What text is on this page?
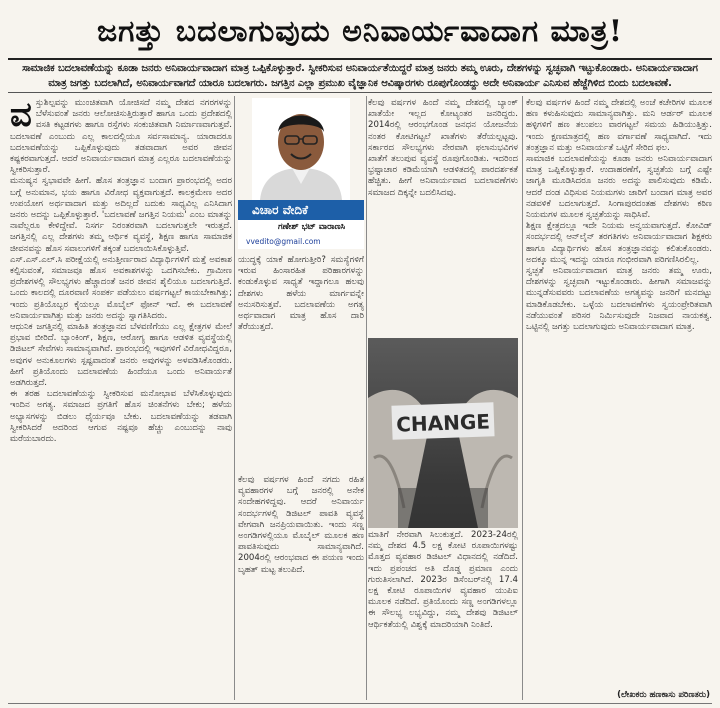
ಜಗತ್ತು ಬದಲಾಗುವುದು ಅನಿವಾರ್ಯವಾದಾಗ ಮಾತ್ರ!
ಸಾಮಾಜಿಕ ಬದಲಾವಣೆಯನ್ನು ಕೂಡಾ ಜನರು ಅನಿವಾರ್ಯವಾದಾಗ ಮಾತ್ರ ಒಪ್ಪಿಕೊಳ್ಳುತ್ತಾರೆ. ಸ್ವೀಕರಿಸುವ ಅನಿವಾರ್ಯತೆಯಿದ್ದರೆ ಮಾತ್ರ ಜನರು ತಮ್ಮ ಊರು, ದೇಶಗಳನ್ನು ಸ್ವಚ್ಛವಾಗಿ ಇಟ್ಟುಕೊಂಡಾರು. ಅನಿವಾರ್ಯವಾದಾಗ ಮಾತ್ರ ಜಗತ್ತು ಬದಲಾಗಿದೆ, ಅನಿವಾರ್ಯವಾಗದೆ ಯಾರೂ ಬದಲಾಗರು. ಜಗತ್ತಿನ ಎಲ್ಲಾ ಪ್ರಮುಖ ವೈಜ್ಞಾನಿಕ ಆವಿಷ್ಕಾರಗಳು ರೂಪುಗೊಂಡದ್ದು ಅದೇ ಅನಿವಾರ್ಯ ಎನಿಸುವ ಹೆಜ್ಜೆಗಿಳಿದ ಬಿಂದು ಬದಲಾವಣೆ.
ವ ಸ್ತುಶಿಲ್ಪವನ್ನು ಮುಂಚಿತವಾಗಿ ಯೋಜಿಸದೆ ನಮ್ಮ ದೇಶದ ನಗರಗಳನ್ನು ಬೆಳೆಸುವಂತೆ ಜನರು ಆಲೋಚಿಸುತ್ತಿರುತ್ತಾರೆ ಹಾಗೂ ಒಂದು ಪ್ರದೇಶದಲ್ಲಿ ವಸತಿ ಕಟ್ಟಡಗಳು ಹಾಗೂ ರಸ್ತೆಗಳು ಸಂಕುಚಿತವಾಗಿ ನಿರ್ಮಾಣವಾಗುತ್ತವೆ. ಬದಲಾವಣೆ ಎಂಬುದು ಎಲ್ಲ ಕಾಲದಲ್ಲಿಯೂ ಸರ್ವಸಾಮಾನ್ಯ. ಯಾರಾದರೂ ಬದಲಾವಣೆಯನ್ನು ಒಪ್ಪಿಕೊಳ್ಳುವುದು ತಡವಾದಾಗ ಅವರ ಜೀವನ ಕಷ್ಟಕರವಾಗುತ್ತದೆ. ಆದರೆ ಅನಿವಾರ್ಯವಾದಾಗ ಮಾತ್ರ ಎಲ್ಲರೂ ಬದಲಾವಣೆಯನ್ನು ಸ್ವೀಕರಿಸುತ್ತಾರೆ.

ಮನುಷ್ಯನ ಸ್ವಭಾವವೇ ಹೀಗೆ. ಹೊಸ ತಂತ್ರಜ್ಞಾನ ಬಂದಾಗ ಪ್ರಾರಂಭದಲ್ಲಿ ಅದರ ಬಗ್ಗೆ ಅನುಮಾನ, ಭಯ ಹಾಗೂ ವಿರೋಧ ವ್ಯಕ್ತವಾಗುತ್ತದೆ. ಕಾಲಕ್ರಮೇಣ ಅದರ ಉಪಯೋಗ ಅರ್ಥವಾದಾಗ ಮತ್ತು ಅದಿಲ್ಲದೆ ಬದುಕು ಸಾಧ್ಯವಿಲ್ಲ ಎನಿಸಿದಾಗ ಜನರು ಅದನ್ನು ಒಪ್ಪಿಕೊಳ್ಳುತ್ತಾರೆ. 'ಬದಲಾವಣೆ ಜಗತ್ತಿನ ನಿಯಮ' ಎಂಬ ಮಾತನ್ನು ನಾವೆಲ್ಲರೂ ಕೇಳಿದ್ದೇವೆ. ನಿಸರ್ಗ ನಿರಂತರವಾಗಿ ಬದಲಾಗುತ್ತಲೇ ಇರುತ್ತದೆ. ಜಗತ್ತಿನಲ್ಲಿ ಎಲ್ಲ ದೇಶಗಳು ತಮ್ಮ ಆರ್ಥಿಕ ವ್ಯವಸ್ಥೆ, ಶಿಕ್ಷಣ ಹಾಗೂ ಸಾಮಾಜಿಕ ಜೀವನವನ್ನು ಹೊಸ ಸವಾಲುಗಳಿಗೆ ತಕ್ಕಂತೆ ಬದಲಾಯಿಸಿಕೊಳ್ಳುತ್ತಿವೆ.

ಎಸ್.ಎಸ್.ಎಲ್.ಸಿ ಪರೀಕ್ಷೆಯಲ್ಲಿ ಅನುತ್ತೀರ್ಣರಾದ ವಿದ್ಯಾರ್ಥಿಗಳಿಗೆ ಮತ್ತೆ ಅವಕಾಶ ಕಲ್ಪಿಸುವಂತೆ, ಸಮಾಜವೂ ಹೊಸ ಅವಕಾಶಗಳನ್ನು ಒದಗಿಸಬೇಕು. ಗ್ರಾಮೀಣ ಪ್ರದೇಶಗಳಲ್ಲಿ ಸೌಲಭ್ಯಗಳು ಹೆಚ್ಚಾದಂತೆ ಜನರ ಜೀವನ ಶೈಲಿಯೂ ಬದಲಾಗುತ್ತಿದೆ. ಒಂದು ಕಾಲದಲ್ಲಿ ದೂರವಾಣಿ ಸಂಪರ್ಕ ಪಡೆಯಲು ವರ್ಷಗಟ್ಟಲೆ ಕಾಯಬೇಕಾಗಿತ್ತು; ಇಂದು ಪ್ರತಿಯೊಬ್ಬರ ಕೈಯಲ್ಲೂ ಮೊಬೈಲ್ ಫೋನ್ ಇದೆ. ಈ ಬದಲಾವಣೆ ಅನಿವಾರ್ಯವಾಗಿತ್ತು ಮತ್ತು ಜನರು ಅದನ್ನು ಸ್ವಾಗತಿಸಿದರು.

ಆಧುನಿಕ ಜಗತ್ತಿನಲ್ಲಿ ಮಾಹಿತಿ ತಂತ್ರಜ್ಞಾನದ ಬೆಳವಣಿಗೆಯು ಎಲ್ಲ ಕ್ಷೇತ್ರಗಳ ಮೇಲೆ ಪ್ರಭಾವ ಬೀರಿದೆ. ಬ್ಯಾಂಕಿಂಗ್, ಶಿಕ್ಷಣ, ಆರೋಗ್ಯ ಹಾಗೂ ಆಡಳಿತ ವ್ಯವಸ್ಥೆಯಲ್ಲಿ ಡಿಜಿಟಲ್ ಸೇವೆಗಳು ಸಾಮಾನ್ಯವಾಗಿವೆ. ಪ್ರಾರಂಭದಲ್ಲಿ ಇವುಗಳಿಗೆ ವಿರೋಧವಿದ್ದರೂ, ಅವುಗಳ ಅನುಕೂಲಗಳು ಸ್ಪಷ್ಟವಾದಂತೆ ಜನರು ಅವುಗಳನ್ನು ಅಳವಡಿಸಿಕೊಂಡರು. ಹೀಗೆ ಪ್ರತಿಯೊಂದು ಬದಲಾವಣೆಯ ಹಿಂದೆಯೂ ಒಂದು ಅನಿವಾರ್ಯತೆ ಅಡಗಿರುತ್ತದೆ.

ಈ ತರಹ ಬದಲಾವಣೆಯನ್ನು ಸ್ವೀಕರಿಸುವ ಮನೋಭಾವ ಬೆಳೆಸಿಕೊಳ್ಳುವುದು ಇಂದಿನ ಅಗತ್ಯ. ಸಮಾಜದ ಪ್ರಗತಿಗೆ ಹೊಸ ಚಿಂತನೆಗಳು ಬೇಕು; ಹಳೆಯ ಅಭ್ಯಾಸಗಳನ್ನು ಬಿಡಲು ಧೈರ್ಯವೂ ಬೇಕು. ಬದಲಾವಣೆಯನ್ನು ತಡವಾಗಿ ಸ್ವೀಕರಿಸಿದರೆ ಅದರಿಂದ ಆಗುವ ನಷ್ಟವೂ ಹೆಚ್ಚು ಎಂಬುದನ್ನು ನಾವು ಮರೆಯಬಾರದು.

ವಿಚಾರ ವೇದಿಕೆ
ಗಣೇಶ್ ಭಟ್ ವಾರಾಣಸಿ
vvedito@gmail.com

ಯುದ್ಧಕ್ಕೆ ಯಾಕೆ ಹೋಗುತ್ತೀರಿ? ಸಮಸ್ಯೆಗಳಿಗೆ ಇರುವ ಹಿಂಸಾರಹಿತ ಪರಿಹಾರಗಳನ್ನು ಕಂಡುಕೊಳ್ಳುವ ಸಾಧ್ಯತೆ ಇದ್ದಾಗಲೂ ಹಲವು ದೇಶಗಳು ಹಳೆಯ ಮಾರ್ಗವನ್ನೇ ಅನುಸರಿಸುತ್ತವೆ. ಬದಲಾವಣೆಯ ಅಗತ್ಯ ಅರ್ಥವಾದಾಗ ಮಾತ್ರ ಹೊಸ ದಾರಿ ತೆರೆಯುತ್ತದೆ.

ಕೆಲವು ವರ್ಷಗಳ ಹಿಂದೆ ನಗದು ರಹಿತ ವ್ಯವಹಾರಗಳ ಬಗ್ಗೆ ಜನರಲ್ಲಿ ಅನೇಕ ಸಂದೇಹಗಳಿದ್ದವು. ಆದರೆ ಅನಿವಾರ್ಯ ಸಂದರ್ಭಗಳಲ್ಲಿ ಡಿಜಿಟಲ್ ಪಾವತಿ ವ್ಯವಸ್ಥೆ ವೇಗವಾಗಿ ಜನಪ್ರಿಯವಾಯಿತು. ಇಂದು ಸಣ್ಣ ಅಂಗಡಿಗಳಲ್ಲಿಯೂ ಮೊಬೈಲ್ ಮೂಲಕ ಹಣ ಪಾವತಿಸುವುದು ಸಾಮಾನ್ಯವಾಗಿದೆ. 2004ರಲ್ಲಿ ಆರಂಭವಾದ ಈ ಪಯಣ ಇಂದು ಬೃಹತ್ ಮಟ್ಟ ತಲುಪಿದೆ.

ಕೆಲವು ವರ್ಷಗಳ ಹಿಂದೆ ನಮ್ಮ ದೇಶದಲ್ಲಿ ಬ್ಯಾಂಕ್ ಖಾತೆಯೇ ಇಲ್ಲದ ಕೋಟ್ಯಂತರ ಜನರಿದ್ದರು. 2014ರಲ್ಲಿ ಆರಂಭಗೊಂಡ ಜನಧನ ಯೋಜನೆಯ ನಂತರ ಕೋಟಿಗಟ್ಟಲೆ ಖಾತೆಗಳು ತೆರೆಯಲ್ಪಟ್ಟವು. ಸರ್ಕಾರದ ಸೌಲಭ್ಯಗಳು ನೇರವಾಗಿ ಫಲಾನುಭವಿಗಳ ಖಾತೆಗೆ ತಲುಪುವ ವ್ಯವಸ್ಥೆ ರೂಪುಗೊಂಡಿತು. ಇದರಿಂದ ಭ್ರಷ್ಟಾಚಾರ ಕಡಿಮೆಯಾಗಿ ಆಡಳಿತದಲ್ಲಿ ಪಾರದರ್ಶಕತೆ ಹೆಚ್ಚಿತು. ಹೀಗೆ ಅನಿವಾರ್ಯವಾದ ಬದಲಾವಣೆಗಳು ಸಮಾಜದ ದಿಕ್ಕನ್ನೇ ಬದಲಿಸಿದವು.

CHANGE

ಮಾತಿಗೆ ನೇರವಾಗಿ ಸಿಲುಕುತ್ತದೆ. 2023-24ರಲ್ಲಿ ನಮ್ಮ ದೇಶದ 4.5 ಲಕ್ಷ ಕೋಟಿ ರೂಪಾಯಿಗಳಷ್ಟು ಮೊತ್ತದ ವ್ಯವಹಾರ ಡಿಜಿಟಲ್ ವಿಧಾನದಲ್ಲಿ ನಡೆದಿದೆ. ಇದು ಪ್ರಪಂಚದ ಅತಿ ದೊಡ್ಡ ಪ್ರಮಾಣ ಎಂದು ಗುರುತಿಸಲಾಗಿದೆ. 2023ರ ಡಿಸೆಂಬರ್‌ನಲ್ಲಿ 17.4 ಲಕ್ಷ ಕೋಟಿ ರೂಪಾಯಿಗಳ ವ್ಯವಹಾರ ಯುಪಿಐ ಮೂಲಕ ನಡೆದಿದೆ. ಪ್ರತಿಯೊಂದು ಸಣ್ಣ ಅಂಗಡಿಗಳಲ್ಲೂ ಈ ಸೌಲಭ್ಯ ಲಭ್ಯವಿದ್ದು, ನಮ್ಮ ದೇಶವು ಡಿಜಿಟಲ್ ಆರ್ಥಿಕತೆಯಲ್ಲಿ ವಿಶ್ವಕ್ಕೆ ಮಾದರಿಯಾಗಿ ನಿಂತಿದೆ.

ಕೆಲವು ವರ್ಷಗಳ ಹಿಂದೆ ನಮ್ಮ ದೇಶದಲ್ಲಿ ಅಂಚೆ ಕಚೇರಿಗಳ ಮೂಲಕ ಹಣ ಕಳುಹಿಸುವುದು ಸಾಮಾನ್ಯವಾಗಿತ್ತು. ಮನಿ ಆರ್ಡರ್ ಮೂಲಕ ಹಳ್ಳಿಗಳಿಗೆ ಹಣ ತಲುಪಲು ವಾರಗಟ್ಟಲೆ ಸಮಯ ಹಿಡಿಯುತ್ತಿತ್ತು. ಇಂದು ಕ್ಷಣಮಾತ್ರದಲ್ಲಿ ಹಣ ವರ್ಗಾವಣೆ ಸಾಧ್ಯವಾಗಿದೆ. ಇದು ತಂತ್ರಜ್ಞಾನ ಮತ್ತು ಅನಿವಾರ್ಯತೆ ಒಟ್ಟಿಗೆ ಸೇರಿದ ಫಲ.

ಸಾಮಾಜಿಕ ಬದಲಾವಣೆಯನ್ನು ಕೂಡಾ ಜನರು ಅನಿವಾರ್ಯವಾದಾಗ ಮಾತ್ರ ಒಪ್ಪಿಕೊಳ್ಳುತ್ತಾರೆ. ಉದಾಹರಣೆಗೆ, ಸ್ವಚ್ಛತೆಯ ಬಗ್ಗೆ ಎಷ್ಟೇ ಜಾಗೃತಿ ಮೂಡಿಸಿದರೂ ಜನರು ಅದನ್ನು ಪಾಲಿಸುವುದು ಕಡಿಮೆ. ಆದರೆ ದಂಡ ವಿಧಿಸುವ ನಿಯಮಗಳು ಜಾರಿಗೆ ಬಂದಾಗ ಮಾತ್ರ ಅವರ ನಡವಳಿಕೆ ಬದಲಾಗುತ್ತದೆ. ಸಿಂಗಾಪುರದಂತಹ ದೇಶಗಳು ಕಠಿಣ ನಿಯಮಗಳ ಮೂಲಕ ಸ್ವಚ್ಛತೆಯನ್ನು ಸಾಧಿಸಿವೆ.

ಶಿಕ್ಷಣ ಕ್ಷೇತ್ರದಲ್ಲೂ ಇದೇ ನಿಯಮ ಅನ್ವಯವಾಗುತ್ತದೆ. ಕೋವಿಡ್ ಸಂದರ್ಭದಲ್ಲಿ ಆನ್‌ಲೈನ್ ತರಗತಿಗಳು ಅನಿವಾರ್ಯವಾದಾಗ ಶಿಕ್ಷಕರು ಹಾಗೂ ವಿದ್ಯಾರ್ಥಿಗಳು ಹೊಸ ತಂತ್ರಜ್ಞಾನವನ್ನು ಕಲಿತುಕೊಂಡರು. ಅದಕ್ಕೂ ಮುನ್ನ ಇದನ್ನು ಯಾರೂ ಗಂಭೀರವಾಗಿ ಪರಿಗಣಿಸಿರಲಿಲ್ಲ.

ಸ್ವಚ್ಛತೆ ಅನಿವಾರ್ಯವಾದಾಗ ಮಾತ್ರ ಜನರು ತಮ್ಮ ಊರು, ದೇಶಗಳನ್ನು ಸ್ವಚ್ಛವಾಗಿ ಇಟ್ಟುಕೊಂಡಾರು. ಹೀಗಾಗಿ ಸಮಾಜವನ್ನು ಮುನ್ನಡೆಸುವವರು ಬದಲಾವಣೆಯ ಅಗತ್ಯವನ್ನು ಜನರಿಗೆ ಮನದಟ್ಟು ಮಾಡಿಕೊಡಬೇಕು. ಒಳ್ಳೆಯ ಬದಲಾವಣೆಗಳು ಸ್ವಯಂಪ್ರೇರಿತವಾಗಿ ನಡೆಯುವಂತೆ ಪರಿಸರ ನಿರ್ಮಿಸುವುದೇ ನಿಜವಾದ ನಾಯಕತ್ವ. ಒಟ್ಟಿನಲ್ಲಿ ಜಗತ್ತು ಬದಲಾಗುವುದು ಅನಿವಾರ್ಯವಾದಾಗ ಮಾತ್ರ.

(ಲೇಖಕರು ಹಣಕಾಸು ಪರಿಣತರು)
